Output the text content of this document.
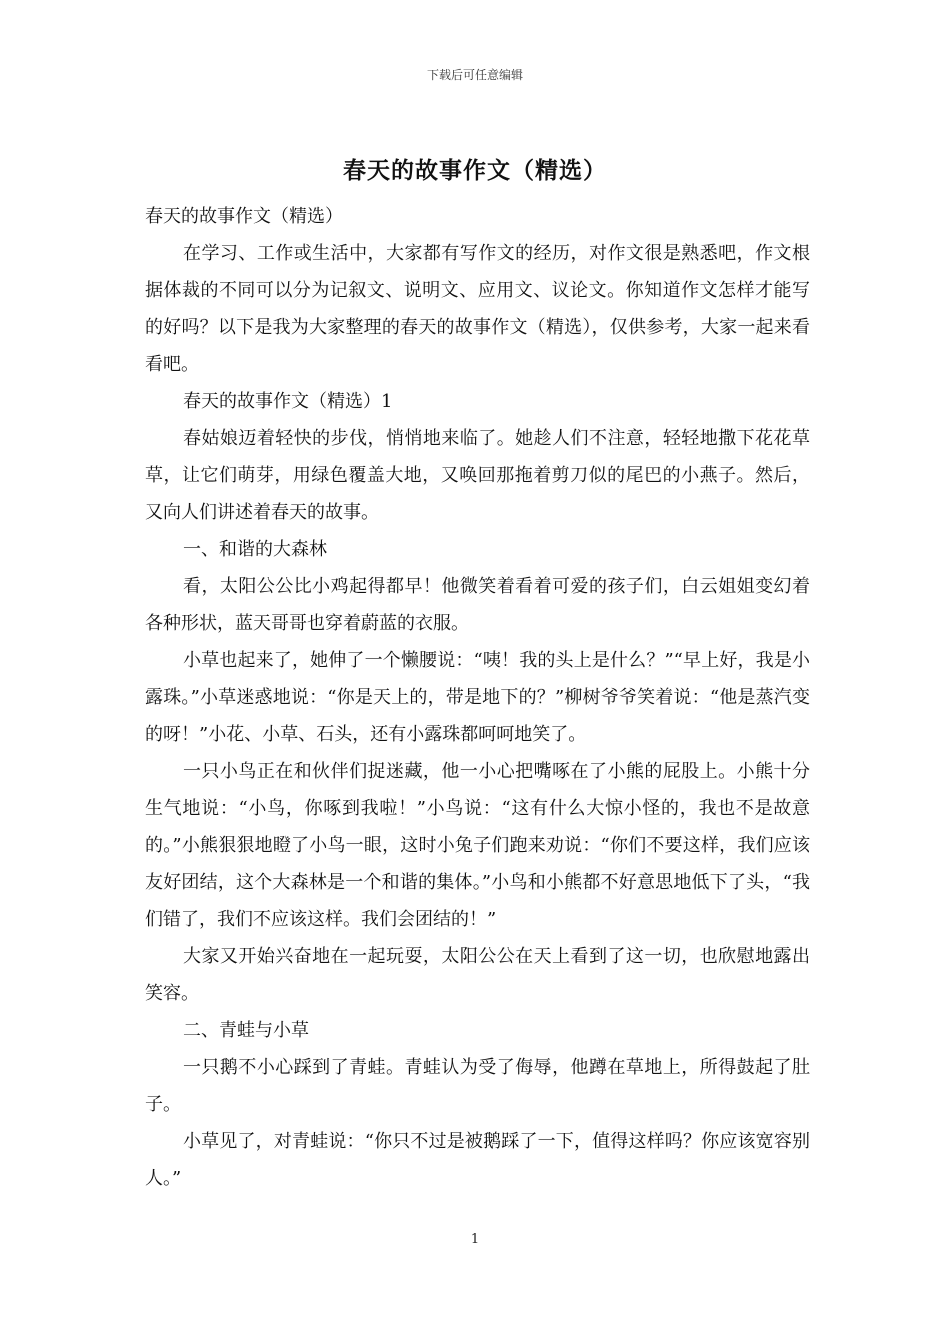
下载后可任意编辑
春天的故事作文（精选）

春天的故事作文（精选）

在学习、工作或生活中，大家都有写作文的经历，对作文很是熟悉吧，作文根据体裁的不同可以分为记叙文、说明文、应用文、议论文。你知道作文怎样才能写的好吗？以下是我为大家整理的春天的故事作文（精选），仅供参考，大家一起来看看吧。

春天的故事作文（精选）1

春姑娘迈着轻快的步伐，悄悄地来临了。她趁人们不注意，轻轻地撒下花花草草，让它们萌芽，用绿色覆盖大地，又唤回那拖着剪刀似的尾巴的小燕子。然后，又向人们讲述着春天的故事。

一、和谐的大森林

看，太阳公公比小鸡起得都早！他微笑着看着可爱的孩子们，白云姐姐变幻着各种形状，蓝天哥哥也穿着蔚蓝的衣服。

小草也起来了，她伸了一个懒腰说：“咦！我的头上是什么？”“早上好，我是小露珠。”小草迷惑地说：“你是天上的，带是地下的？”柳树爷爷笑着说：“他是蒸汽变的呀！”小花、小草、石头，还有小露珠都呵呵地笑了。

一只小鸟正在和伙伴们捉迷藏，他一小心把嘴啄在了小熊的屁股上。小熊十分生气地说：“小鸟，你啄到我啦！”小鸟说：“这有什么大惊小怪的，我也不是故意的。”小熊狠狠地瞪了小鸟一眼，这时小兔子们跑来劝说：“你们不要这样，我们应该友好团结，这个大森林是一个和谐的集体。”小鸟和小熊都不好意思地低下了头，“我们错了，我们不应该这样。我们会团结的！”

大家又开始兴奋地在一起玩耍，太阳公公在天上看到了这一切，也欣慰地露出笑容。

二、青蛙与小草

一只鹅不小心踩到了青蛙。青蛙认为受了侮辱，他蹲在草地上，所得鼓起了肚子。

小草见了，对青蛙说：“你只不过是被鹅踩了一下，值得这样吗？你应该宽容别人。”

1
